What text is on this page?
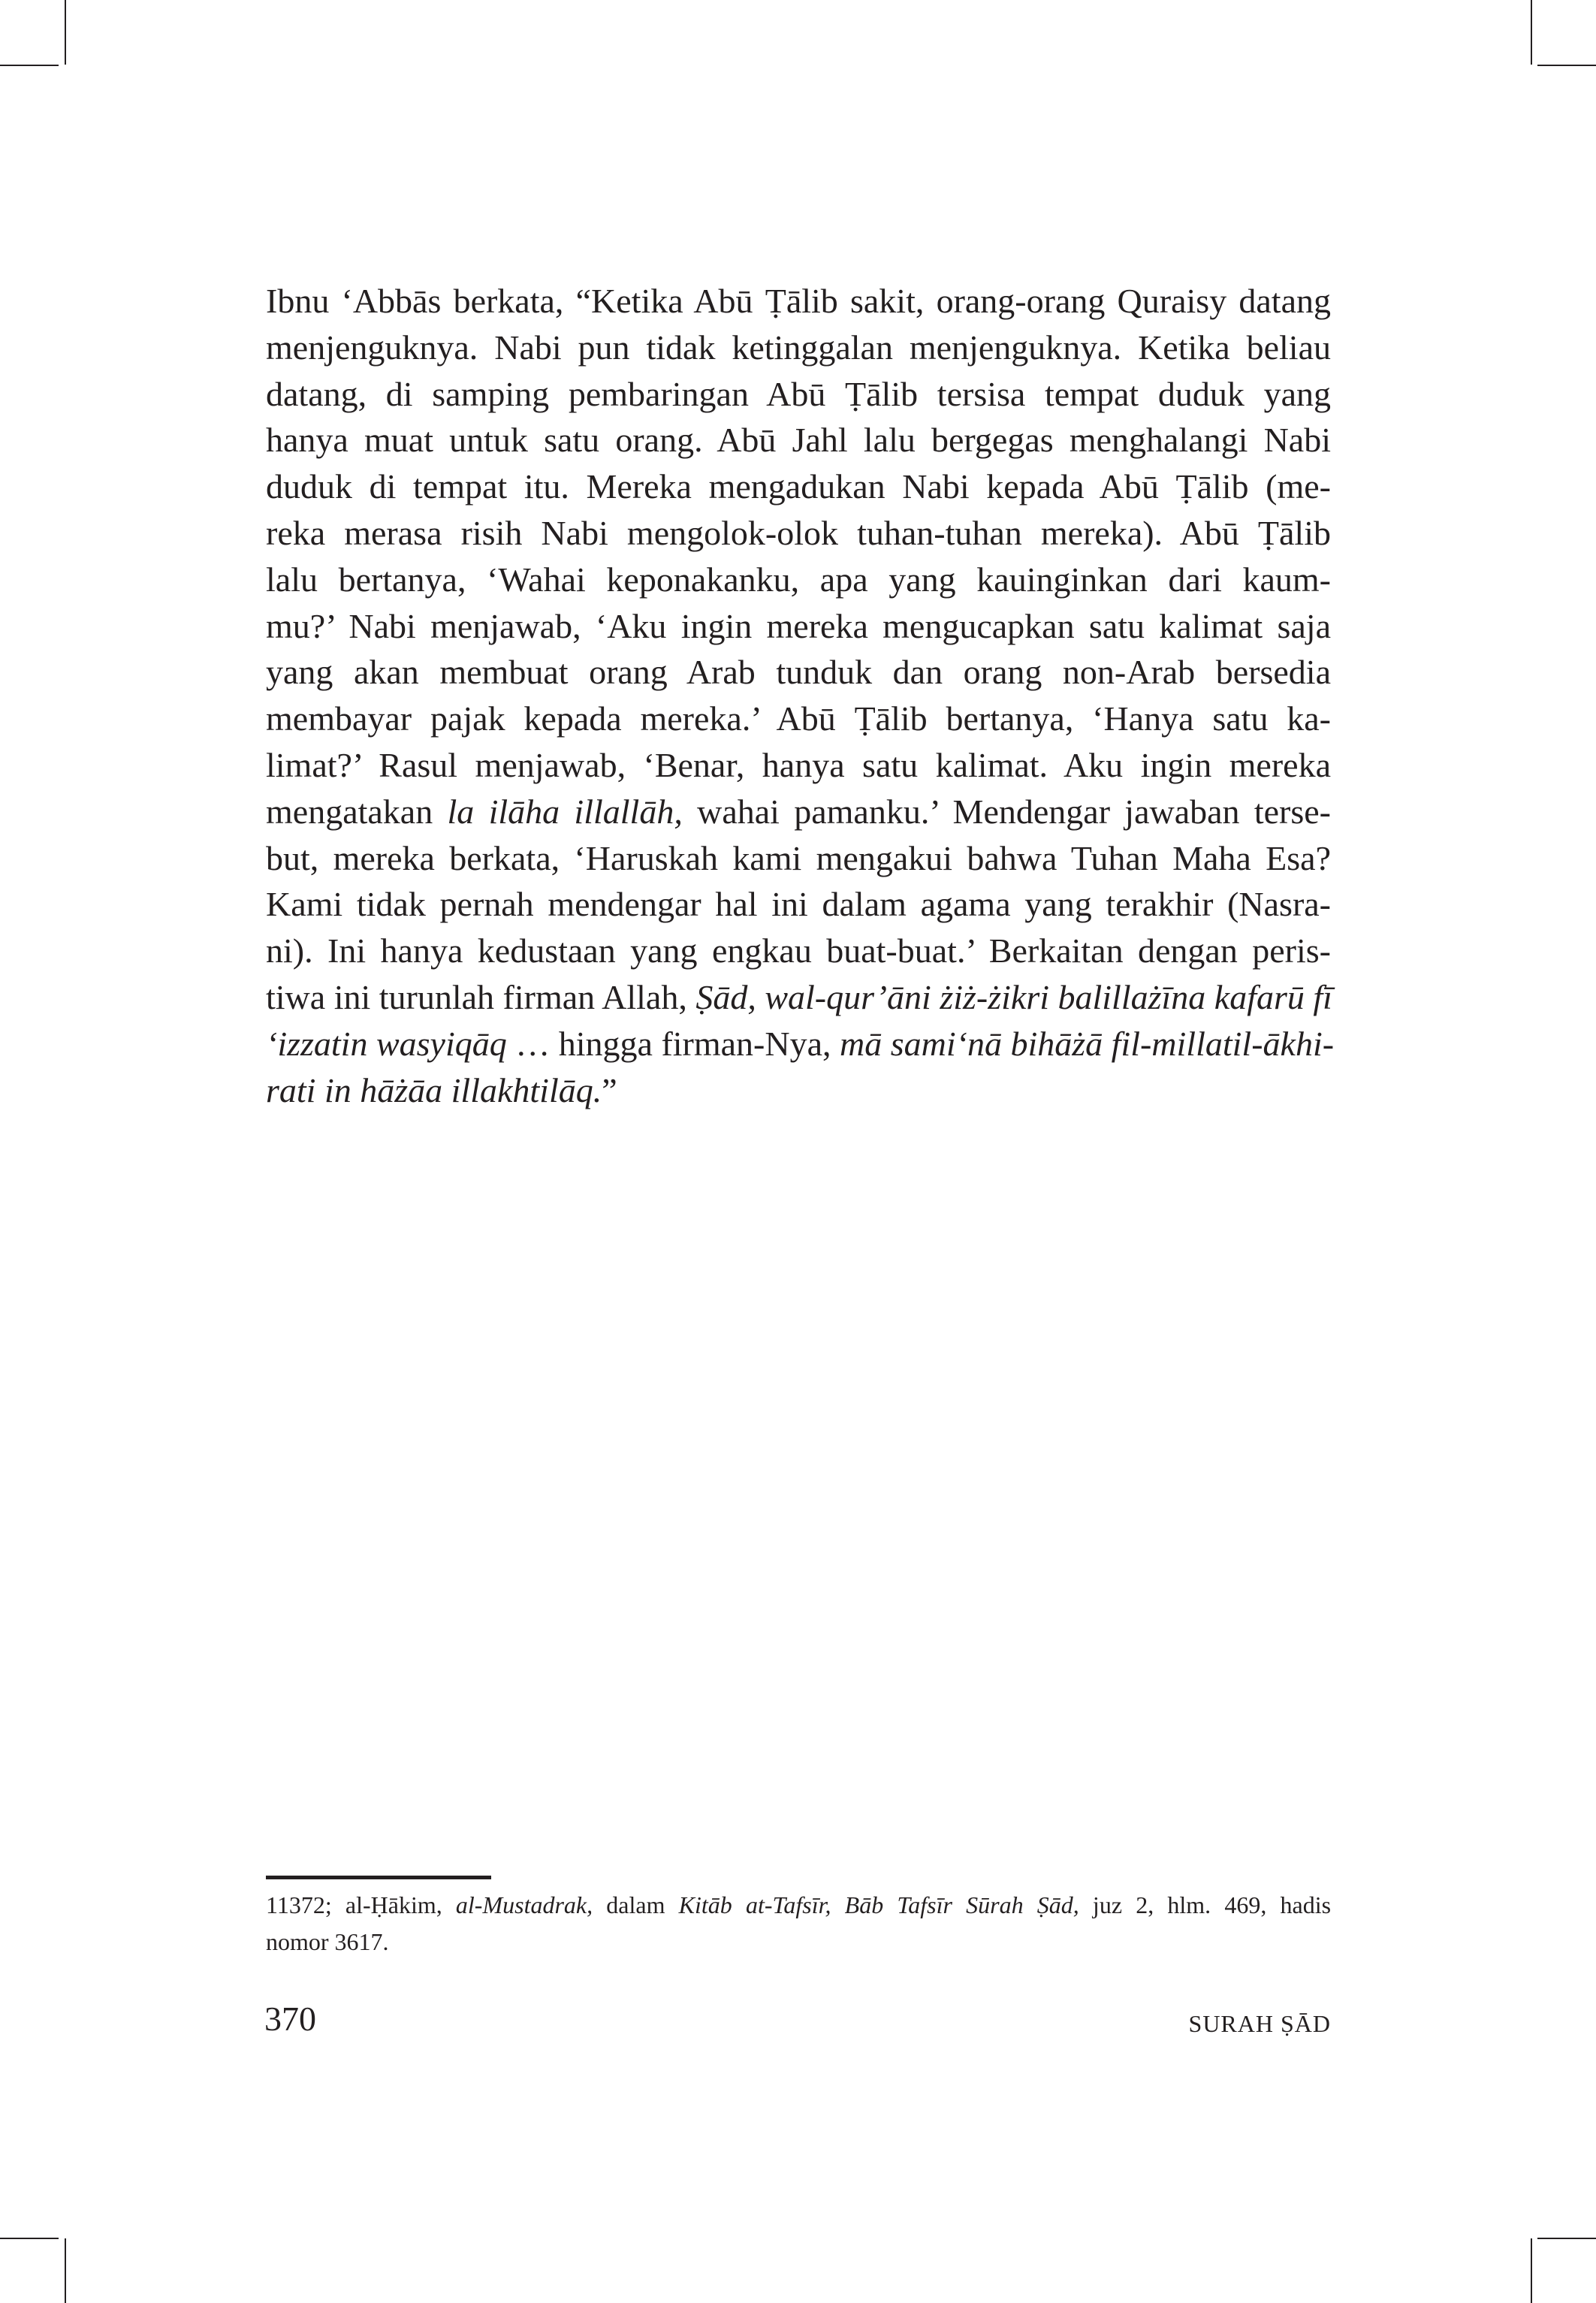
Ibnu ‘Abbās berkata, “Ketika Abū Ṭālib sakit, orang-orang Quraisy datang
menjenguknya. Nabi pun tidak ketinggalan menjenguknya. Ketika beliau
datang, di samping pembaringan Abū Ṭālib tersisa tempat duduk yang
hanya muat untuk satu orang. Abū Jahl lalu bergegas menghalangi Nabi
duduk di tempat itu. Mereka mengadukan Nabi kepada Abū Ṭālib (me-
reka merasa risih Nabi mengolok-olok tuhan-tuhan mereka). Abū Ṭālib
lalu bertanya, ‘Wahai keponakanku, apa yang kauinginkan dari kaum-
mu?’ Nabi menjawab, ‘Aku ingin mereka mengucapkan satu kalimat saja
yang akan membuat orang Arab tunduk dan orang non-Arab bersedia
membayar pajak kepada mereka.’ Abū Ṭālib bertanya, ‘Hanya satu ka-
limat?’ Rasul menjawab, ‘Benar, hanya satu kalimat. Aku ingin mereka
mengatakan la ilāha illallāh, wahai pamanku.’ Mendengar jawaban terse-
but, mereka berkata, ‘Haruskah kami mengakui bahwa Tuhan Maha Esa?
Kami tidak pernah mendengar hal ini dalam agama yang terakhir (Nasra-
ni). Ini hanya kedustaan yang engkau buat-buat.’ Berkaitan dengan peris-
tiwa ini turunlah firman Allah, Ṣād, wal-qur’āni żiż-żikri balillażīna kafarū fī
‘izzatin wasyiqāq … hingga firman-Nya, mā sami‘nā bihāżā fil-millatil-ākhi-
rati in hāżāa illakhtilāq.”
11372; al-Ḥākim, al-Mustadrak, dalam Kitāb at-Tafsīr, Bāb Tafsīr Sūrah Ṣād, juz 2, hlm. 469, hadis
nomor 3617.
370	SURAH ṢĀD
